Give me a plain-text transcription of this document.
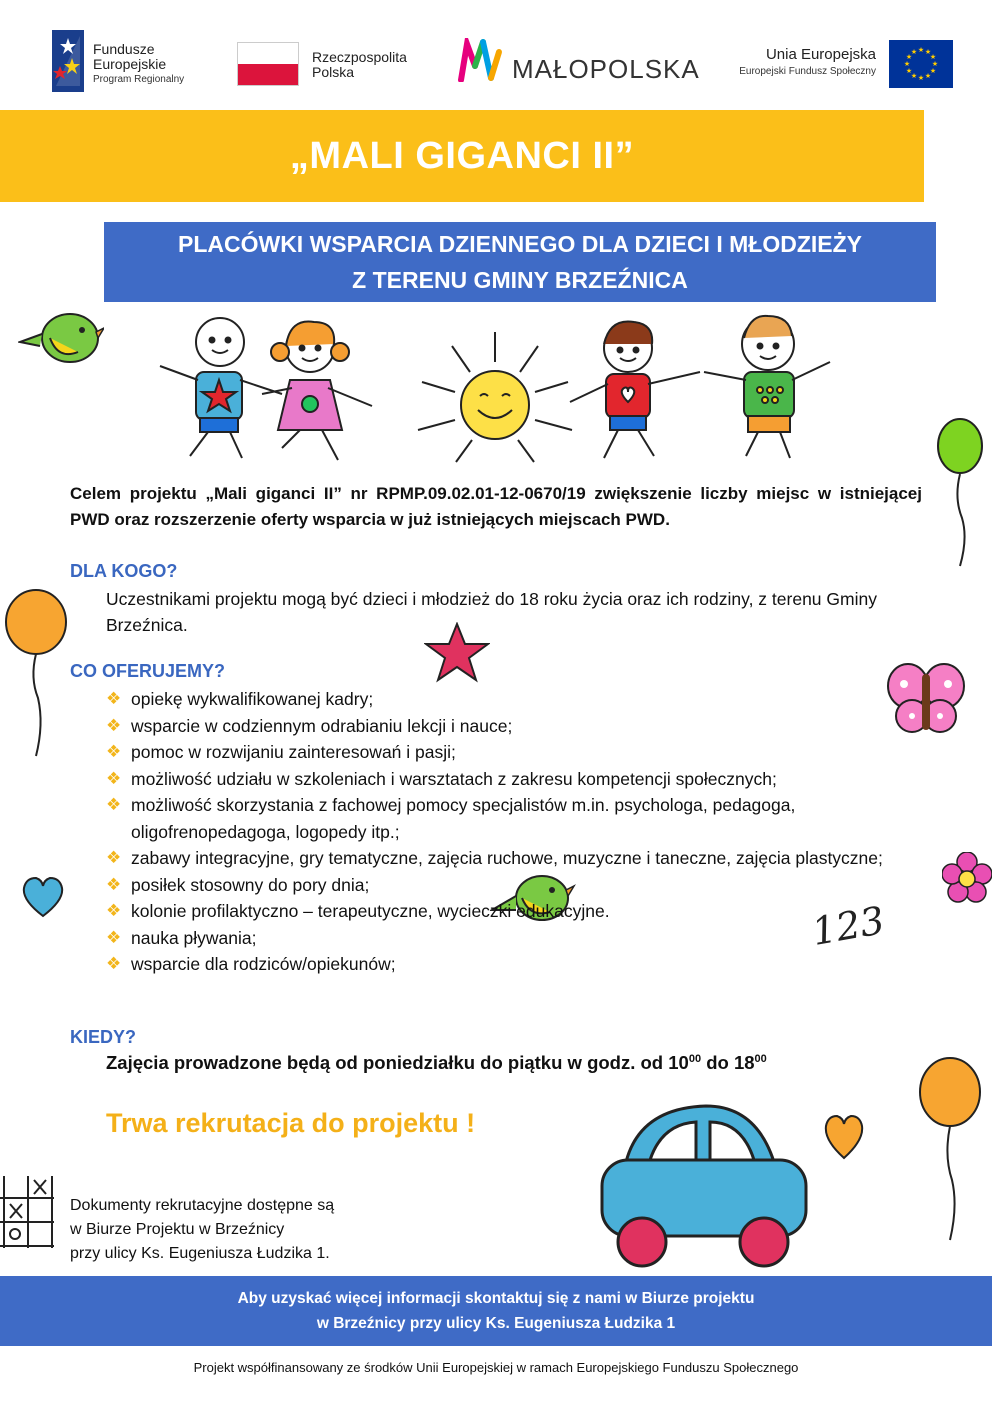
Fundusze
Europejskie
Program Regionalny
Rzeczpospolita
Polska	MAŁOPOLSKA	Unia Europejska
Europejski Fundusz Społeczny
★ ★
★
★
★
★
★
★
★
★
★
★
„MALI GIGANCI II”
PLACÓWKI WSPARCIA DZIENNEGO DLA DZIECI I MŁODZIEŻY
Z TERENU GMINY BRZEŹNICA
123
Celem projektu „Mali giganci II” nr RPMP.09.02.01-12-0670/19 zwiększenie liczby miejsc w istniejącej PWD oraz rozszerzenie oferty wsparcia w już istniejących miejscach PWD.
DLA KOGO?
Uczestnikami projektu mogą być dzieci i młodzież do 18 roku życia oraz ich rodziny, z terenu Gminy Brzeźnica.
CO OFERUJEMY?
❖ opiekę wykwalifikowanej kadry;
❖ wsparcie w codziennym odrabianiu lekcji i nauce;
❖ pomoc w rozwijaniu zainteresowań i pasji;
❖ możliwość udziału w szkoleniach i warsztatach z zakresu kompetencji społecznych;
❖ możliwość skorzystania z fachowej pomocy specjalistów m.in. psychologa, pedagoga, oligofrenopedagoga, logopedy itp.;
❖ zabawy integracyjne, gry tematyczne, zajęcia ruchowe, muzyczne i taneczne, zajęcia plastyczne;
❖ posiłek stosowny do pory dnia;
❖ kolonie profilaktyczno – terapeutyczne, wycieczki edukacyjne.
❖ nauka pływania;
❖ wsparcie dla rodziców/opiekunów;
KIEDY?
Zajęcia prowadzone będą od poniedziałku do piątku w godz. od $10^{00}$ do $18^{00}$
Trwa rekrutacja do projektu !
Dokumenty rekrutacyjne dostępne są
w Biurze Projektu w Brzeźnicy
przy ulicy Ks. Eugeniusza Łudzika 1.
Aby uzyskać więcej informacji skontaktuj się z nami w Biurze projektu
w Brzeźnicy przy ulicy Ks. Eugeniusza Łudzika 1
Projekt współfinansowany ze środków Unii Europejskiej w ramach Europejskiego Funduszu Społecznego
